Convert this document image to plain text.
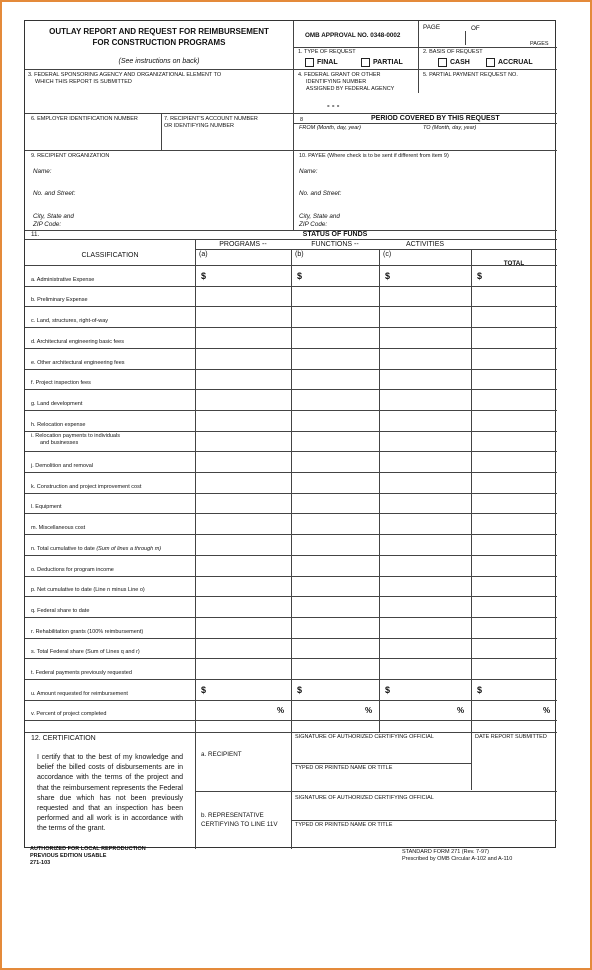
OUTLAY REPORT AND REQUEST FOR REIMBURSEMENT
FOR CONSTRUCTION PROGRAMS
(See instructions on back)
OMB APPROVAL NO. 0348-0002
PAGE	OF
PAGES
1. TYPE OF REQUEST
FINAL	PARTIAL
2. BASIS OF REQUEST
CASH	ACCRUAL
3. FEDERAL SPONSORING AGENCY AND ORGANIZATIONAL ELEMENT TO
WHICH THIS REPORT IS SUBMITTED
4. FEDERAL GRANT OR OTHER
IDENTIFYING NUMBER
ASSIGNED BY FEDERAL AGENCY
- - -
5. PARTIAL PAYMENT REQUEST NO.
6. EMPLOYER IDENTIFICATION NUMBER	7. RECIPIENT'S ACCOUNT NUMBER
OR IDENTIFYING NUMBER
8	PERIOD COVERED BY THIS REQUEST
FROM (Month, day, year)	TO (Month, day, year)
9. RECIPIENT ORGANIZATION
Name:
No. and Street:
City, State and
ZIP Code:
10. PAYEE (Where check is to be sent if different from item 9)
Name:
No. and Street:
City, State and
ZIP Code:
11.	STATUS OF FUNDS
CLASSIFICATION
PROGRAMS --	FUNCTIONS --	ACTIVITIES
(a)	(b)	(c)
TOTAL
a. Administrative Expense	$	$	$	$
b. Preliminary Expense
c. Land, structures, right-of-way
d. Architectural engineering basic fees
e. Other architectural engineering fees
f. Project inspection fees
g. Land development
h. Relocation expense
i. Relocation payments to individuals
and businesses
j. Demolition and removal
k. Construction and project improvement cost
l. Equipment
m. Miscellaneous cost
n. Total cumulative to date (Sum of lines a through m)
o. Deductions for program income
p. Net cumulative to date (Line n minus Line o)
q. Federal share to date
r. Rehabilitation grants (100% reimbursement)
s. Total Federal share (Sum of Lines q and r)
t. Federal payments previously requested
u. Amount requested for reimbursement	$	$	$	$
v. Percent of project completed	%	%	%	%
12. CERTIFICATION
I certify that to the best of my knowledge and belief the billed costs of disbursements are in accordance with the terms of the project and that the reimbursement represents the Federal share due which has not been previously requested and that an inspection has been performed and all work is in accordance with the terms of the grant.
a. RECIPIENT
b. REPRESENTATIVE
CERTIFYING TO LINE 11V
SIGNATURE OF AUTHORIZED CERTIFYING OFFICIAL
TYPED OR PRINTED NAME OR TITLE
DATE REPORT SUBMITTED
SIGNATURE OF AUTHORIZED CERTIFYING OFFICIAL
TYPED OR PRINTED NAME OR TITLE
AUTHORIZED FOR LOCAL REPRODUCTION
PREVIOUS EDITION USABLE
271-103
STANDARD FORM 271 (Rev. 7-97)
Prescribed by OMB Circular A-102 and A-110
